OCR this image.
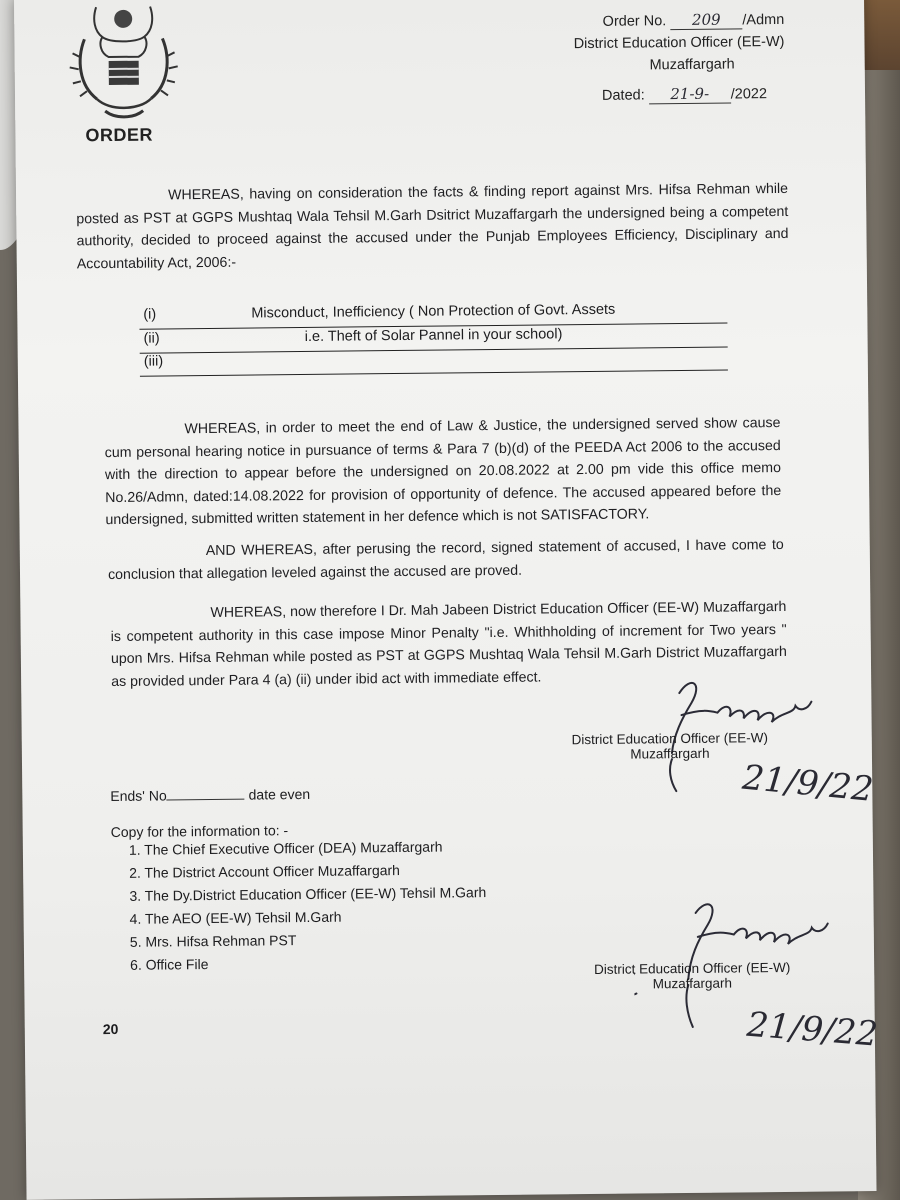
ORDER
Order No. 209 /Admn
District Education Officer (EE-W)
Muzaffargarh
Dated: 21-9- /2022

WHEREAS, having on consideration the facts & finding report against Mrs. Hifsa Rehman while posted as PST at GGPS Mushtaq Wala Tehsil M.Garh Dsitrict Muzaffargarh the undersigned being a competent authority, decided to proceed against the accused under the Punjab Employees Efficiency, Disciplinary and Accountability Act, 2006:-

(i)	Misconduct, Inefficiency ( Non Protection of Govt. Assets
(ii)	i.e. Theft of Solar Pannel in your school)
(iii)

WHEREAS, in order to meet the end of Law & Justice, the undersigned served show cause cum personal hearing notice in pursuance of terms & Para 7 (b)(d) of the PEEDA Act 2006 to the accused with the direction to appear before the undersigned on 20.08.2022 at 2.00 pm vide this office memo No.26/Admn, dated:14.08.2022 for provision of opportunity of defence. The accused appeared before the undersigned, submitted written statement in her defence which is not SATISFACTORY.

AND WHEREAS, after perusing the record, signed statement of accused, I have come to conclusion that allegation leveled against the accused are proved.

WHEREAS, now therefore I Dr. Mah Jabeen District Education Officer (EE-W) Muzaffargarh is competent authority in this case impose Minor Penalty "i.e. Whithholding of increment for Two years " upon Mrs. Hifsa Rehman while posted as PST at GGPS Mushtaq Wala Tehsil M.Garh District Muzaffargarh as provided under Para 4 (a) (ii) under ibid act with immediate effect.

District Education Officer (EE-W)
Muzaffargarh
21/9/22
Ends' No	date even
Copy for the information to: -
1. The Chief Executive Officer (DEA) Muzaffargarh
2. The District Account Officer Muzaffargarh
3. The Dy.District Education Officer (EE-W) Tehsil M.Garh
4. The AEO (EE-W) Tehsil M.Garh
5. Mrs. Hifsa Rehman PST
6. Office File	District Education Officer (EE-W)
Muzaffargarh
21/9/22
20
